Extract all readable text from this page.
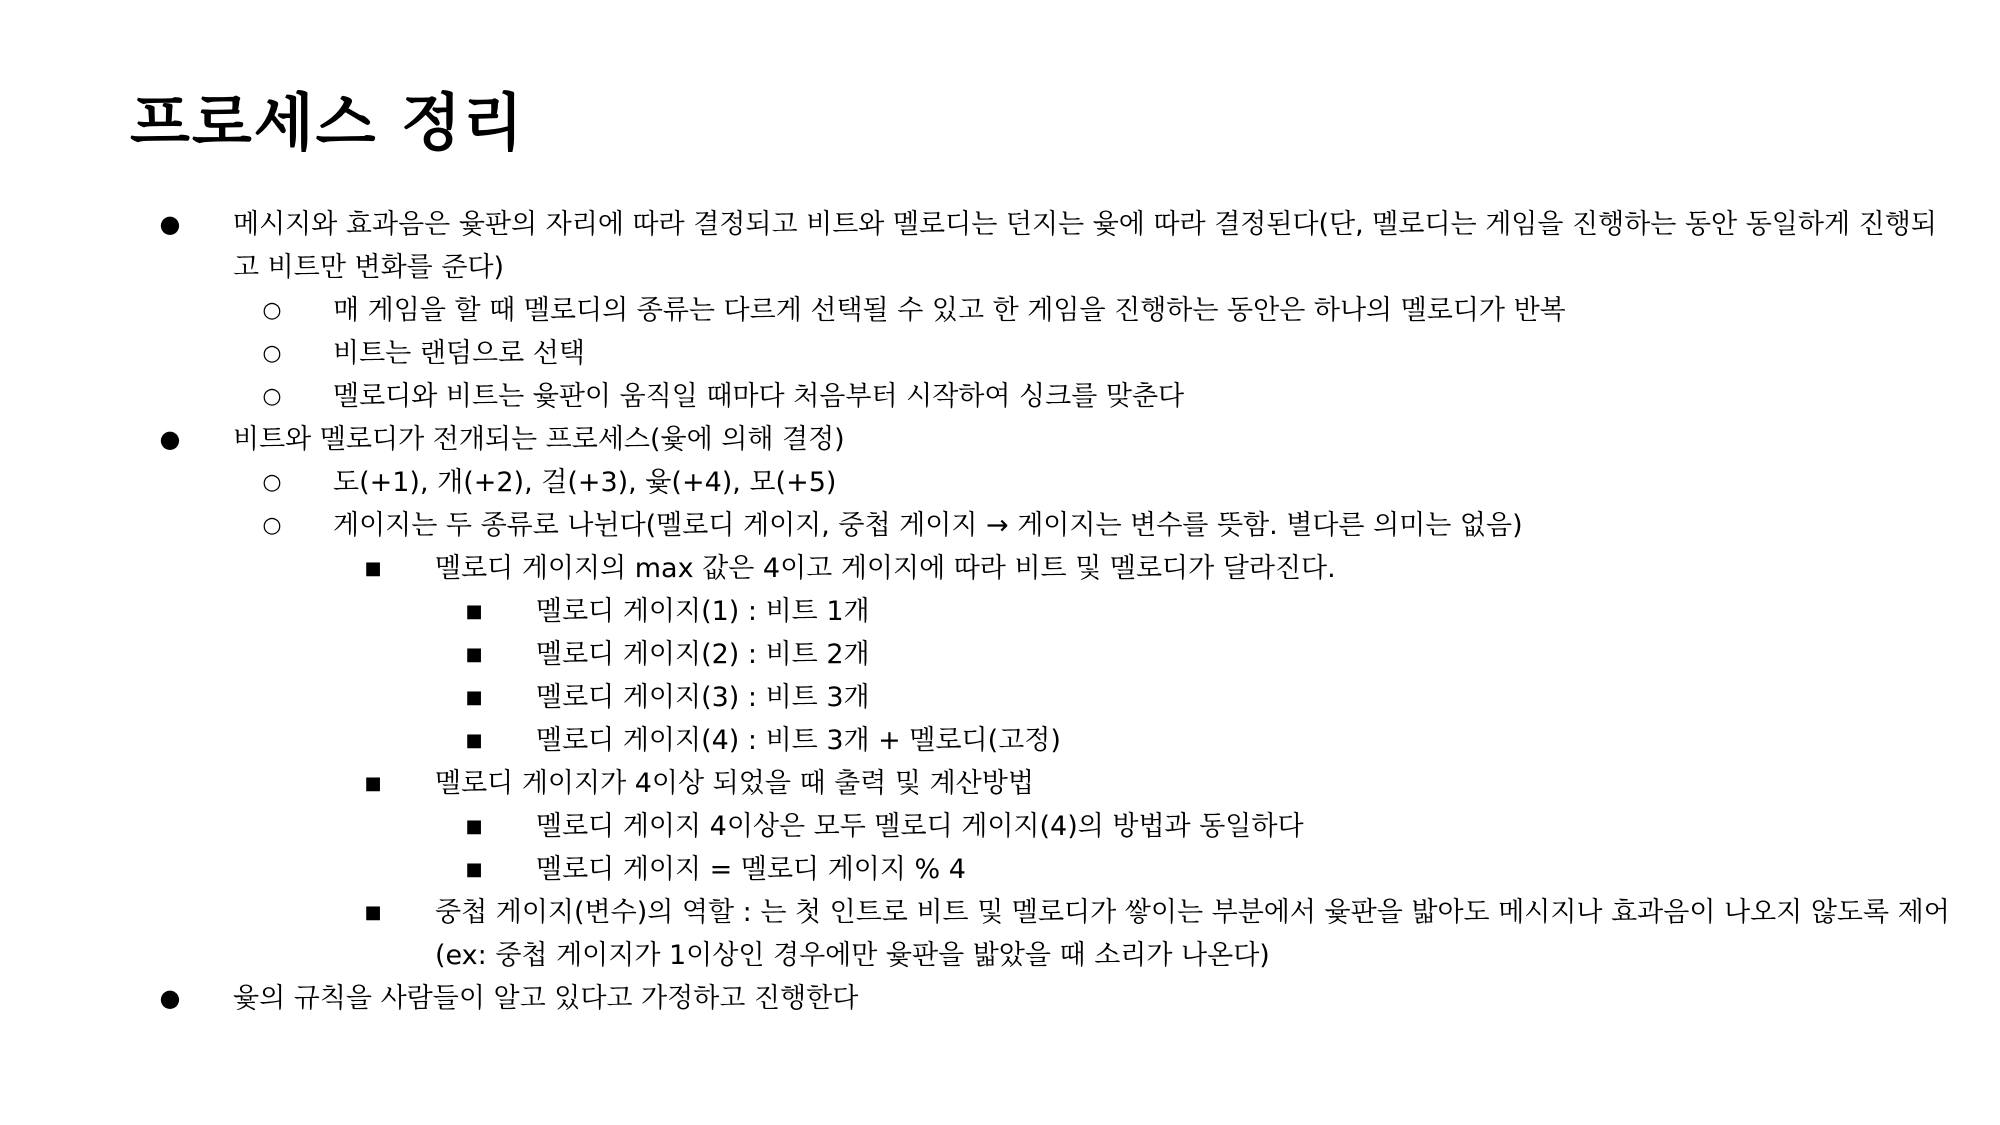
프로세스 정리
● 메시지와 효과음은 윷판의 자리에 따라 결정되고 비트와 멜로디는 던지는 윷에 따라 결정된다(단, 멜로디는 게임을 진행하는 동안 동일하게 진행되고 비트만 변화를 준다)
○ 매 게임을 할 때 멜로디의 종류는 다르게 선택될 수 있고 한 게임을 진행하는 동안은 하나의 멜로디가 반복
○ 비트는 랜덤으로 선택
○ 멜로디와 비트는 윷판이 움직일 때마다 처음부터 시작하여 싱크를 맞춘다
● 비트와 멜로디가 전개되는 프로세스(윷에 의해 결정)
○ 도(+1), 개(+2), 걸(+3), 윷(+4), 모(+5)
○ 게이지는 두 종류로 나뉜다(멜로디 게이지, 중첩 게이지 → 게이지는 변수를 뜻함. 별다른 의미는 없음)
■ 멜로디 게이지의 max 값은 4이고 게이지에 따라 비트 및 멜로디가 달라진다.
■ 멜로디 게이지(1) : 비트 1개
■ 멜로디 게이지(2) : 비트 2개
■ 멜로디 게이지(3) : 비트 3개
■ 멜로디 게이지(4) : 비트 3개 + 멜로디(고정)
■ 멜로디 게이지가 4이상 되었을 때 출력 및 계산방법
■ 멜로디 게이지 4이상은 모두 멜로디 게이지(4)의 방법과 동일하다
■ 멜로디 게이지 = 멜로디 게이지 % 4
■ 중첩 게이지(변수)의 역할 : 는 첫 인트로 비트 및 멜로디가 쌓이는 부분에서 윷판을 밟아도 메시지나 효과음이 나오지 않도록 제어(ex: 중첩 게이지가 1이상인 경우에만 윷판을 밟았을 때 소리가 나온다)
● 윷의 규칙을 사람들이 알고 있다고 가정하고 진행한다
